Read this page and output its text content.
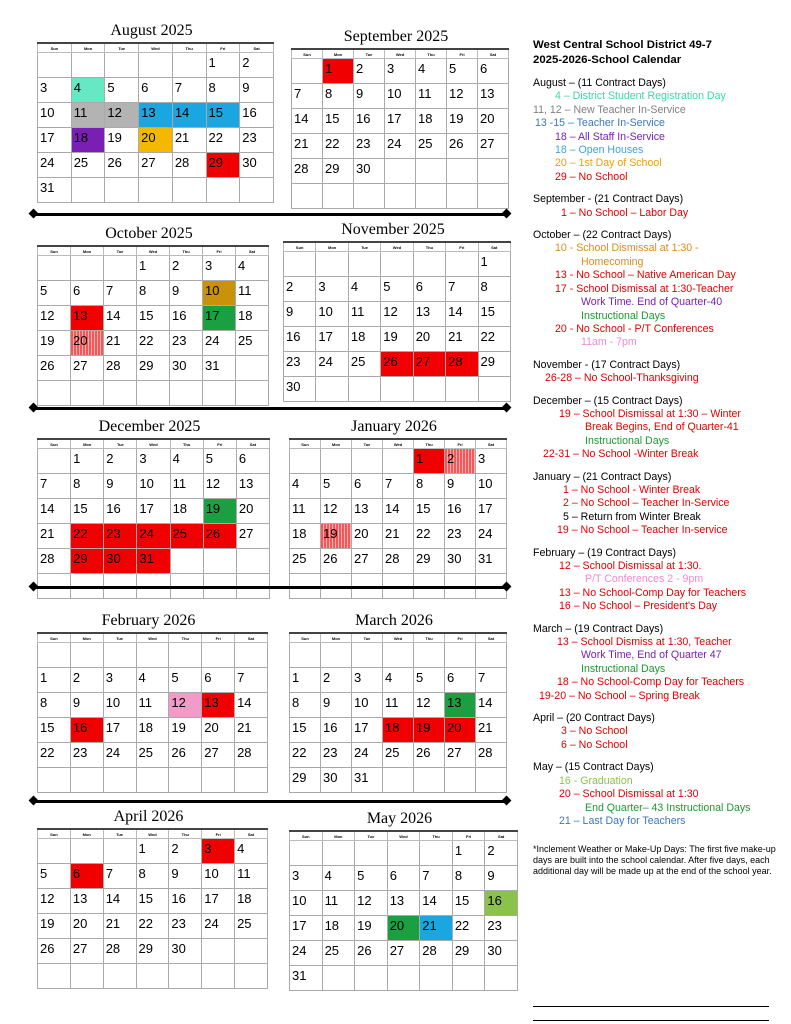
August 2025
Sun	Mon	Tue	Wed	Thu	Fri	Sat
					1	2
3	4	5	6	7	8	9
10	11	12	13	14	15	16
17	18	19	20	21	22	23
24	25	26	27	28	29	30
31						
September 2025
Sun	Mon	Tue	Wed	Thu	Fri	Sat
	1	2	3	4	5	6
7	8	9	10	11	12	13
14	15	16	17	18	19	20
21	22	23	24	25	26	27
28	29	30				

October 2025
Sun	Mon	Tue	Wed	Thu	Fri	Sat
			1	2	3	4
5	6	7	8	9	10	11
12	13	14	15	16	17	18
19	20	21	22	23	24	25
26	27	28	29	30	31	

November 2025
Sun	Mon	Tue	Wed	Thu	Fri	Sat
						1
2	3	4	5	6	7	8
9	10	11	12	13	14	15
16	17	18	19	20	21	22
23	24	25	26	27	28	29
30						
December 2025
Sun	Mon	Tue	Wed	Thu	Fri	Sat
	1	2	3	4	5	6
7	8	9	10	11	12	13
14	15	16	17	18	19	20
21	22	23	24	25	26	27
28	29	30	31			

January 2026
Sun	Mon	Tue	Wed	Thu	Fri	Sat
				1	2	3
4	5	6	7	8	9	10
11	12	13	14	15	16	17
18	19	20	21	22	23	24
25	26	27	28	29	30	31

February 2026
Sun	Mon	Tue	Wed	Thu	Fri	Sat

1	2	3	4	5	6	7
8	9	10	11	12	13	14
15	16	17	18	19	20	21
22	23	24	25	26	27	28

March 2026
Sun	Mon	Tue	Wed	Thu	Fri	Sat

1	2	3	4	5	6	7
8	9	10	11	12	13	14
15	16	17	18	19	20	21
22	23	24	25	26	27	28
29	30	31				
April 2026
Sun	Mon	Tue	Wed	Thu	Fri	Sat
			1	2	3	4
5	6	7	8	9	10	11
12	13	14	15	16	17	18
19	20	21	22	23	24	25
26	27	28	29	30		

May 2026
Sun	Mon	Tue	Wed	Thu	Fri	Sat
					1	2
3	4	5	6	7	8	9
10	11	12	13	14	15	16
17	18	19	20	21	22	23
24	25	26	27	28	29	30
31						
West Central School District 49-7
2025-2026-School Calendar
August – (11 Contract Days)
4 – District Student Registration Day
11, 12 – New Teacher In-Service
13 -15 – Teacher In-Service
18 – All Staff In-Service
18 – Open Houses
20 – 1st Day of School
29 – No School
September - (21 Contract Days)
1 – No School – Labor Day
October – (22 Contract Days)
10 - School Dismissal at 1:30 -
Homecoming
13 - No School – Native American Day
17 - School Dismissal at 1:30-Teacher
Work Time. End of Quarter-40
Instructional Days
20 - No School - P/T Conferences
11am - 7pm
November - (17 Contract Days)
26-28 – No School-Thanksgiving
December – (15 Contract Days)
19 – School Dismissal at 1:30 – Winter
Break Begins, End of Quarter-41
Instructional Days
22-31 – No School -Winter Break
January – (21 Contract Days)
1 – No School - Winter Break
2 – No School – Teacher In-Service
5 – Return from Winter Break
19 – No School – Teacher In-service
February – (19 Contract Days)
12 – School Dismissal at 1:30.
P/T Conferences 2 - 9pm
13 – No School-Comp Day for Teachers
16 – No School – President's Day
March – (19 Contract Days)
13 – School Dismiss at 1:30, Teacher
Work Time, End of Quarter 47
Instructional Days
18 – No School-Comp Day for Teachers
19-20 – No School – Spring Break
April – (20 Contract Days)
3 – No School
6 – No School
May – (15 Contract Days)
16 - Graduation
20 – School Dismissal at 1:30
End Quarter– 43 Instructional Days
21 – Last Day for Teachers
*Inclement Weather or Make-Up Days: The first five make-up days are built into the school calendar. After five days, each additional day will be made up at the end of the school year.
